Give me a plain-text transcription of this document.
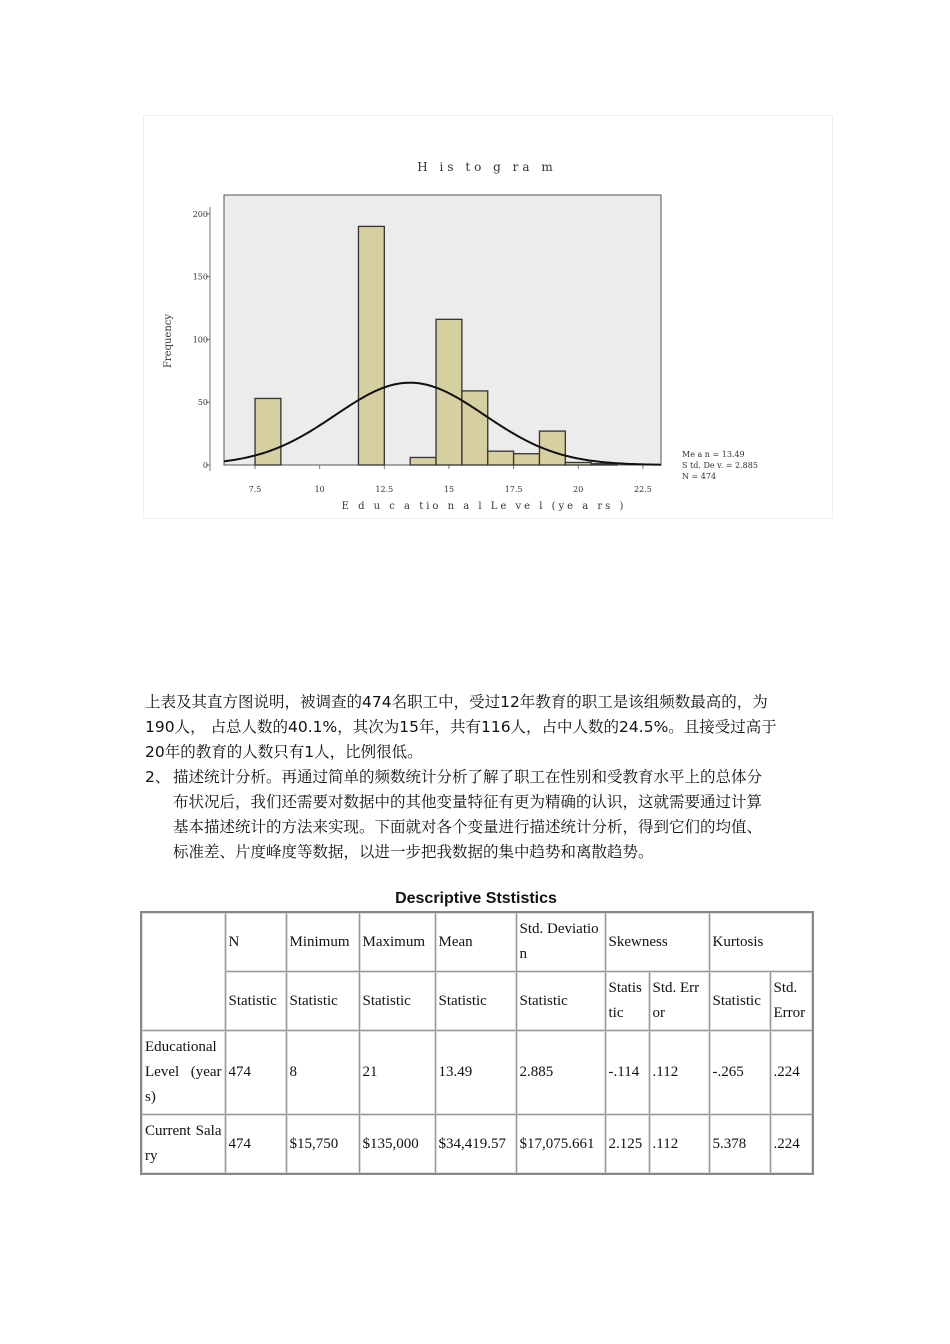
H is to g ra m
0
50
100
150
200
7.5	10	12.5	15	17.5	20	22.5
E d u c a tio n a l Le ve l (ye a rs )
Frequency
Me a n = 13.49
S td. De v. = 2.885
N = 474

上表及其直方图说明，被调查的474名职工中，受过12年教育的职工是该组频数最高的，为

190人， 占总人数的40.1%，其次为15年，共有116人，占中人数的24.5%。且接受过高于

20年的教育的人数只有1人，比例很低。

2、 描述统计分析。再通过简单的频数统计分析了解了职工在性别和受教育水平上的总体分

布状况后，我们还需要对数据中的其他变量特征有更为精确的认识，这就需要通过计算

基本描述统计的方法来实现。下面就对各个变量进行描述统计分析，得到它们的均值、

标准差、片度峰度等数据，以进一步把我数据的集中趋势和离散趋势。

Descriptive Ststistics
	N	Minimum	Maximum	Mean	Std. Deviation	Skewness		Kurtosis	
	Statistic	Statistic	Statistic	Statistic	Statistic	Statistic	Std. Error	Statistic	Std. Error
Educational Level (years)	474	8	21	13.49	2.885	-.114	.112	-.265	.224
Current Salary	474	$15,750	$135,000	$34,419.57	$17,075.661	2.125	.112	5.378	.224
